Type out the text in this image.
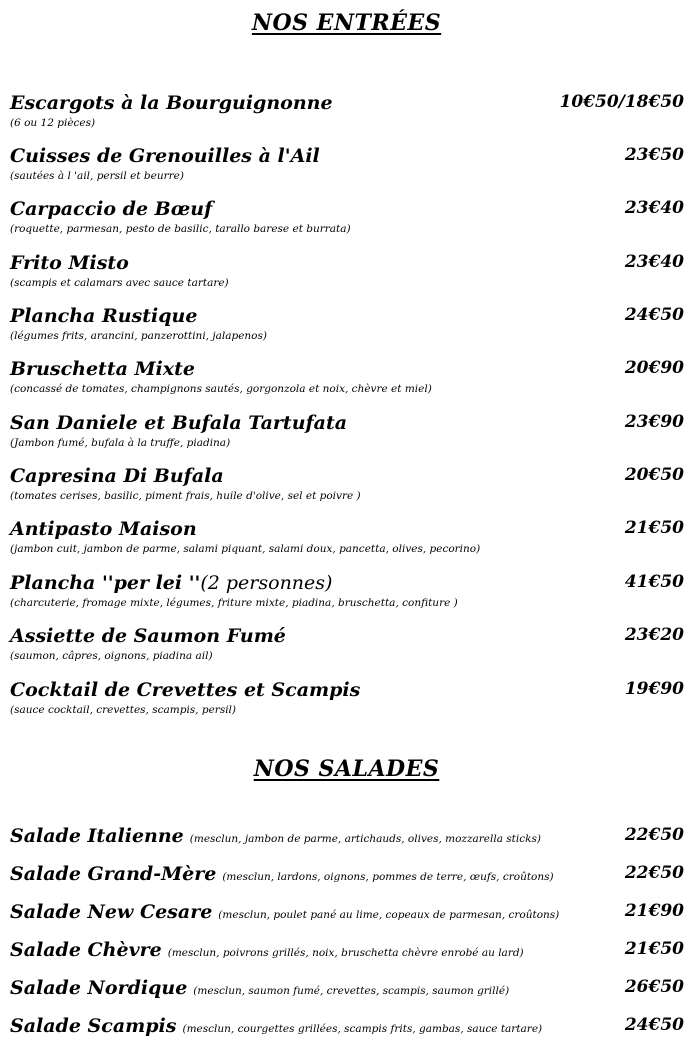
NOS ENTRÉES
Escargots à la Bourguignonne
(6 ou 12 pièces)
10€50/18€50
Cuisses de Grenouilles à l'Ail
(sautées à l 'ail, persil et beurre)
23€50
Carpaccio de Bœuf
(roquette, parmesan, pesto de basilic, tarallo barese et burrata)
23€40
Frito Misto
(scampis et calamars avec sauce tartare)
23€40
Plancha Rustique
(légumes frits, arancini, panzerottini, jalapenos)
24€50
Bruschetta Mixte
(concassé de tomates, champignons sautés, gorgonzola et noix, chèvre et miel)
20€90
San Daniele et Bufala Tartufata
(Jambon fumé, bufala à la truffe, piadina)
23€90
Capresina Di Bufala
(tomates cerises, basilic, piment frais, huile d'olive, sel et poivre )
20€50
Antipasto Maison
(jambon cuit, jambon de parme, salami piquant, salami doux, pancetta, olives, pecorino)
21€50
Plancha ''per lei ''(2 personnes)
(charcuterie, fromage mixte, légumes, friture mixte, piadina, bruschetta, confiture )
41€50
Assiette de Saumon Fumé
(saumon, câpres, oignons, piadina ail)
23€20
Cocktail de Crevettes et Scampis
(sauce cocktail, crevettes, scampis, persil)
19€90
NOS SALADES
Salade Italienne (mesclun, jambon de parme, artichauds, olives, mozzarella sticks)	22€50
Salade Grand-Mère (mesclun, lardons, oignons, pommes de terre, œufs, croûtons)	22€50
Salade New Cesare (mesclun, poulet pané au lime, copeaux de parmesan, croûtons)	21€90
Salade Chèvre (mesclun, poivrons grillés, noix, bruschetta chèvre enrobé au lard)	21€50
Salade Nordique (mesclun, saumon fumé, crevettes, scampis, saumon grillé)	26€50
Salade Scampis (mesclun, courgettes grillées, scampis frits, gambas, sauce tartare)	24€50
